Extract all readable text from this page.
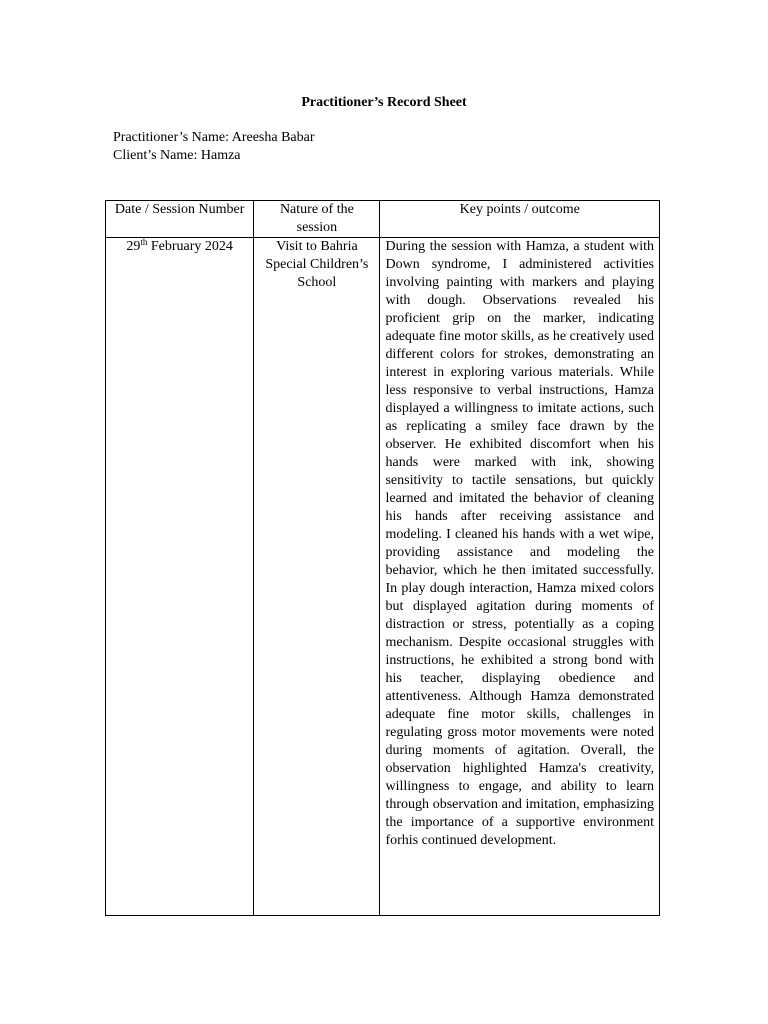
Practitioner’s Record Sheet
Practitioner’s Name: Areesha Babar
Client’s Name: Hamza
Date / Session Number	Nature of the session	Key points / outcome
29th February 2024	Visit to Bahria Special Children’s School	During the session with Hamza, a student with Down syndrome, I administered activities involving painting with markers and playing with dough. Observations revealed his proficient grip on the marker, indicating adequate fine motor skills, as he creatively used different colors for strokes, demonstrating an interest in exploring various materials. While less responsive to verbal instructions, Hamza displayed a willingness to imitate actions, such as replicating a smiley face drawn by the observer. He exhibited discomfort when his hands were marked with ink, showing sensitivity to tactile sensations, but quickly learned and imitated the behavior of cleaning his hands after receiving assistance and modeling. I cleaned his hands with a wet wipe, providing assistance and modeling the behavior, which he then imitated successfully. In play dough interaction, Hamza mixed colors but displayed agitation during moments of distraction or stress, potentially as a coping mechanism. Despite occasional struggles with instructions, he exhibited a strong bond with his teacher, displaying obedience and attentiveness. Although Hamza demonstrated adequate fine motor skills, challenges in regulating gross motor movements were noted during moments of agitation. Overall, the observation highlighted Hamza's creativity, willingness to engage, and ability to learn through observation and imitation, emphasizing the importance of a supportive environment forhis continued development.
